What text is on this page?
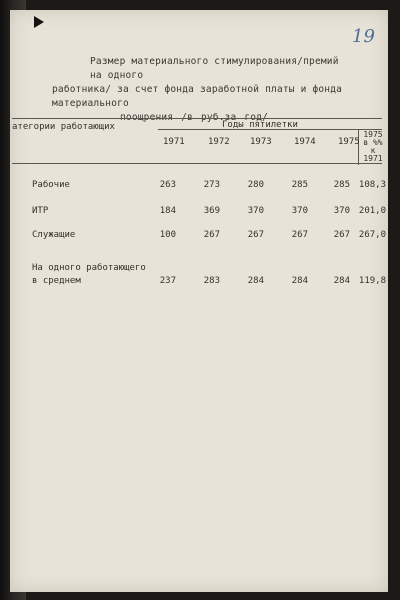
19
Размер материального стимулирования/премий на одного
работника/ за счет фонда заработной платы и фонда материального
атегории работающих	Годы пятилетки
1971	1972 1973 1974 1975
1975
в %%
к
1971
Рабочие	263	273	280	285	285 108,3
ИТР	184	369	370	370	370 201,0
Служащие	100	267	267	267	267 267,0
На одного работающего
в среднем	237	283	284	284	284 119,8
